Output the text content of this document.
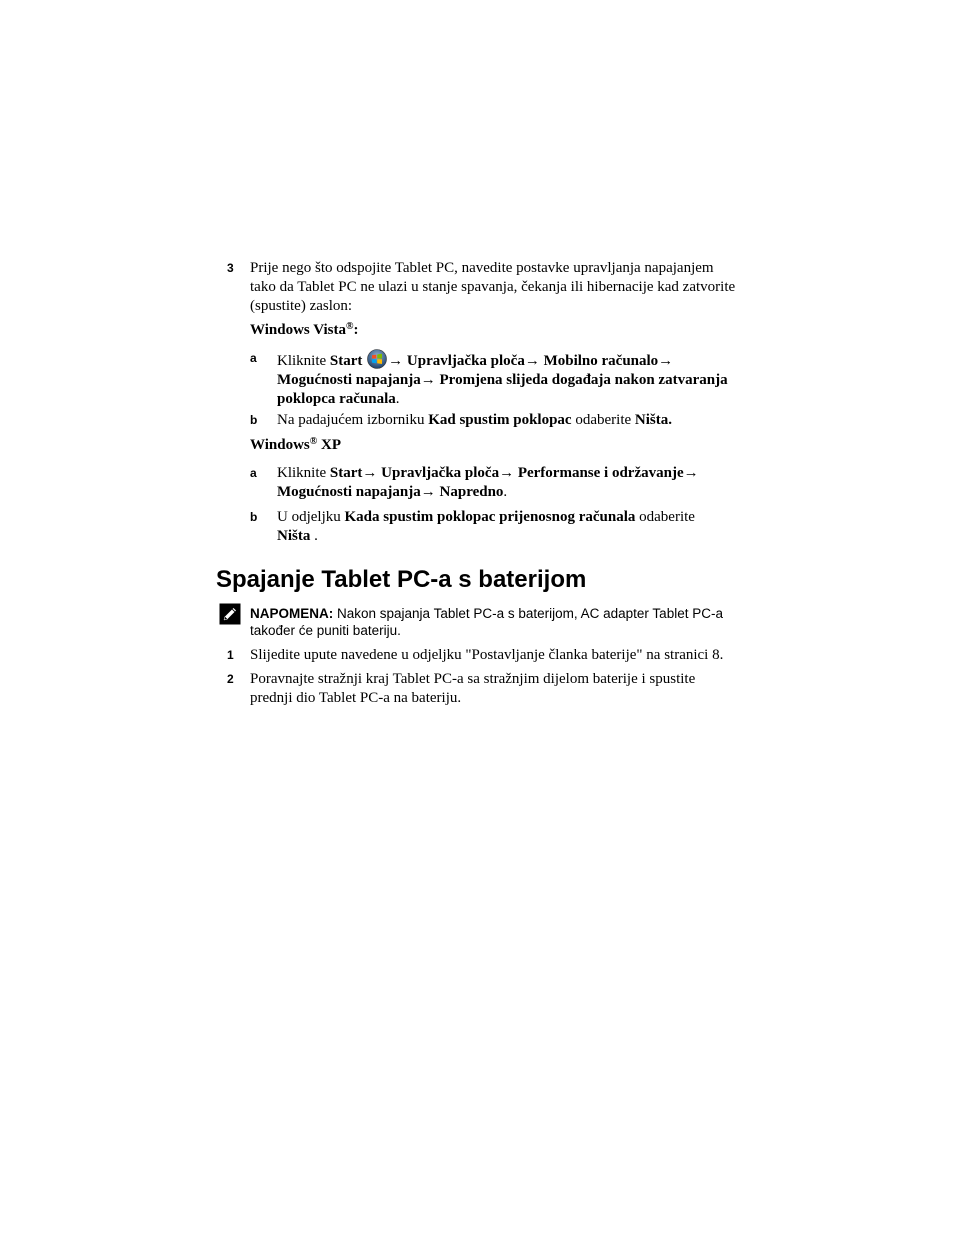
3 Prije nego što odspojite Tablet PC, navedite postavke upravljanja napajanjem tako da Tablet PC ne ulazi u stanje spavanja, čekanja ili hibernacije kad zatvorite (spustite) zaslon:
Windows Vista®:
a Kliknite Start → Upravljačka ploča→ Mobilno računalo→ Mogućnosti napajanja→ Promjena slijeda događaja nakon zatvaranja poklopca računala.
b Na padajućem izborniku Kad spustim poklopac odaberite Ništa.
Windows® XP
a Kliknite Start→ Upravljačka ploča→ Performanse i održavanje→ Mogućnosti napajanja→ Napredno.
b U odjeljku Kada spustim poklopac prijenosnog računala odaberite Ništa .
Spajanje Tablet PC-a s baterijom
NAPOMENA: Nakon spajanja Tablet PC-a s baterijom, AC adapter Tablet PC-a također će puniti bateriju.
1 Slijedite upute navedene u odjeljku "Postavljanje članka baterije" na stranici 8.
2 Poravnajte stražnji kraj Tablet PC-a sa stražnjim dijelom baterije i spustite prednji dio Tablet PC-a na bateriju.
